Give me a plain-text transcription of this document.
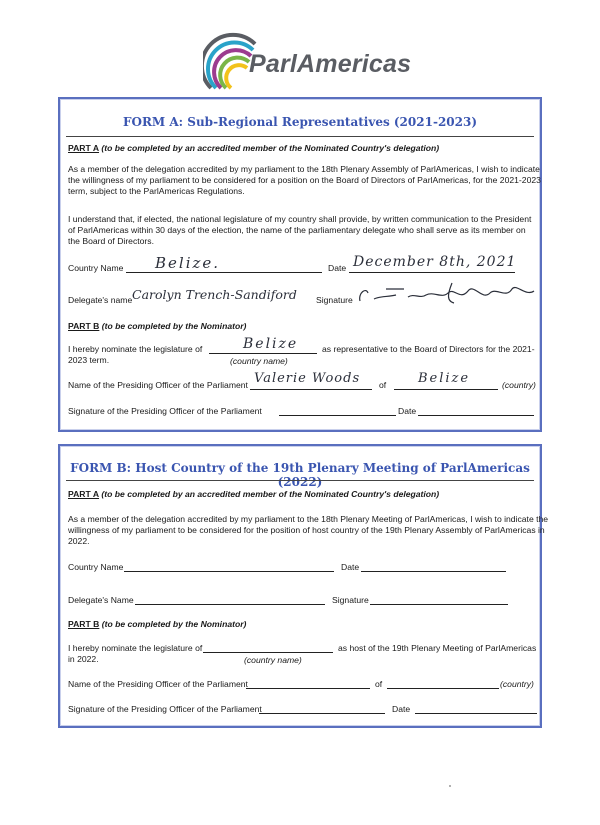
ParlAmericas
FORM A: Sub-Regional Representatives (2021-2023)
PART A (to be completed by an accredited member of the Nominated Country's delegation)
As a member of the delegation accredited by my parliament to the 18th Plenary Assembly of ParlAmericas, I wish to indicate
the willingness of my parliament to be considered for a position on the Board of Directors of ParlAmericas, for the 2021-2023
term, subject to the ParlAmericas Regulations.
I understand that, if elected, the national legislature of my country shall provide, by written communication to the President
of ParlAmericas within 30 days of the election, the name of the parliamentary delegate who shall serve as its member on
the Board of Directors.
Country Name Belize.	Date December 8th, 2021
Delegate's name Carolyn Trench-Sandiford Signature
PART B (to be completed by the Nominator)
I hereby nominate the legislature of	Belize	as representative to the Board of Directors for the 2021-
2023 term.	(country name)
Name of the Presiding Officer of the Parliament Valerie Woods of Belize	(country)
Signature of the Presiding Officer of the Parliament	Date
FORM B: Host Country of the 19th Plenary Meeting of ParlAmericas (2022)
PART A (to be completed by an accredited member of the Nominated Country's delegation)
As a member of the delegation accredited by my parliament to the 18th Plenary Meeting of ParlAmericas, I wish to indicate the
willingness of my parliament to be considered for the position of host country of the 19th Plenary Assembly of ParlAmericas in
2022.
Country Name	Date
Delegate's Name	Signature
PART B (to be completed by the Nominator)
I hereby nominate the legislature of	as host of the 19th Plenary Meeting of ParlAmericas
in 2022.	(country name)
Name of the Presiding Officer of the Parliament	of	(country)
Signature of the Presiding Officer of the Parliament	Date
